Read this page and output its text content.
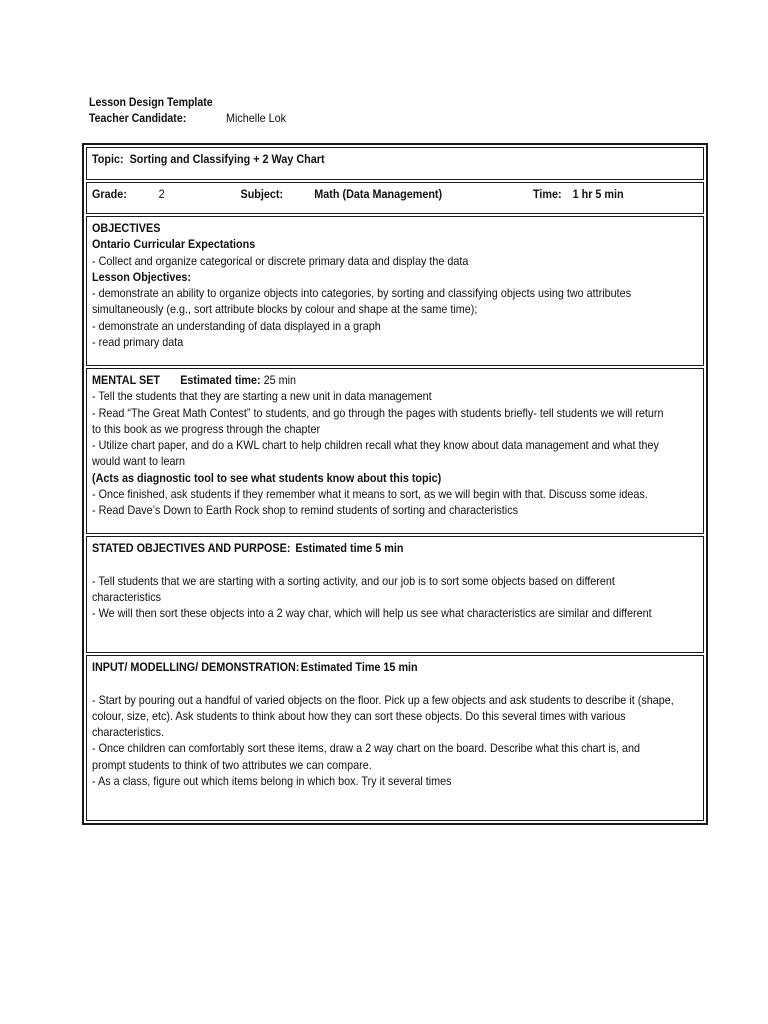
Lesson Design Template
Teacher Candidate:	Michelle Lok
Topic: Sorting and Classifying + 2 Way Chart
Grade:	2	Subject:	Math (Data Management)	Time: 1 hr 5 min
OBJECTIVES
Ontario Curricular Expectations
- Collect and organize categorical or discrete primary data and display the data
Lesson Objectives:
- demonstrate an ability to organize objects into categories, by sorting and classifying objects using two attributes
simultaneously (e.g., sort attribute blocks by colour and shape at the same time);
- demonstrate an understanding of data displayed in a graph
- read primary data
MENTAL SET Estimated time: 25 min
- Tell the students that they are starting a new unit in data management
- Read “The Great Math Contest” to students, and go through the pages with students briefly- tell students we will return
to this book as we progress through the chapter
- Utilize chart paper, and do a KWL chart to help children recall what they know about data management and what they
would want to learn
(Acts as diagnostic tool to see what students know about this topic)
- Once finished, ask students if they remember what it means to sort, as we will begin with that. Discuss some ideas.
- Read Dave’s Down to Earth Rock shop to remind students of sorting and characteristics
STATED OBJECTIVES AND PURPOSE: Estimated time 5 min
- Tell students that we are starting with a sorting activity, and our job is to sort some objects based on different
characteristics
- We will then sort these objects into a 2 way char, which will help us see what characteristics are similar and different
INPUT/ MODELLING/ DEMONSTRATION:Estimated Time 15 min
- Start by pouring out a handful of varied objects on the floor. Pick up a few objects and ask students to describe it (shape,
colour, size, etc). Ask students to think about how they can sort these objects. Do this several times with various
characteristics.
- Once children can comfortably sort these items, draw a 2 way chart on the board. Describe what this chart is, and
prompt students to think of two attributes we can compare.
- As a class, figure out which items belong in which box. Try it several times
